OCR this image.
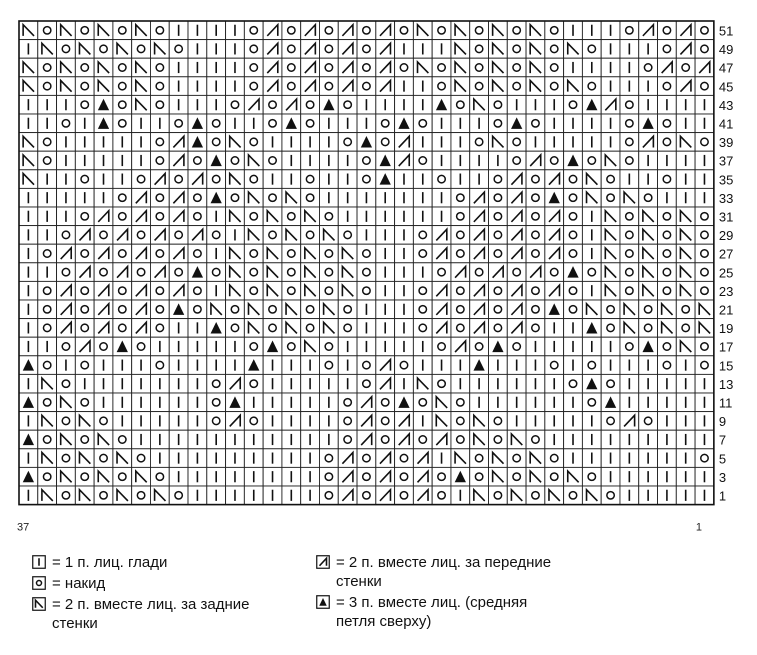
51
49
47
45
43
41
39
37
35
33
31
29
27
25
23
21
19
17
15
13
11
9
7
5
3
1
37	1
= 1 п. лиц. глади
= накид
= 2 п. вместе лиц. за задние
стенки
= 2 п. вместе лиц. за передние
стенки
= 3 п. вместе лиц. (средняя
петля сверху)
